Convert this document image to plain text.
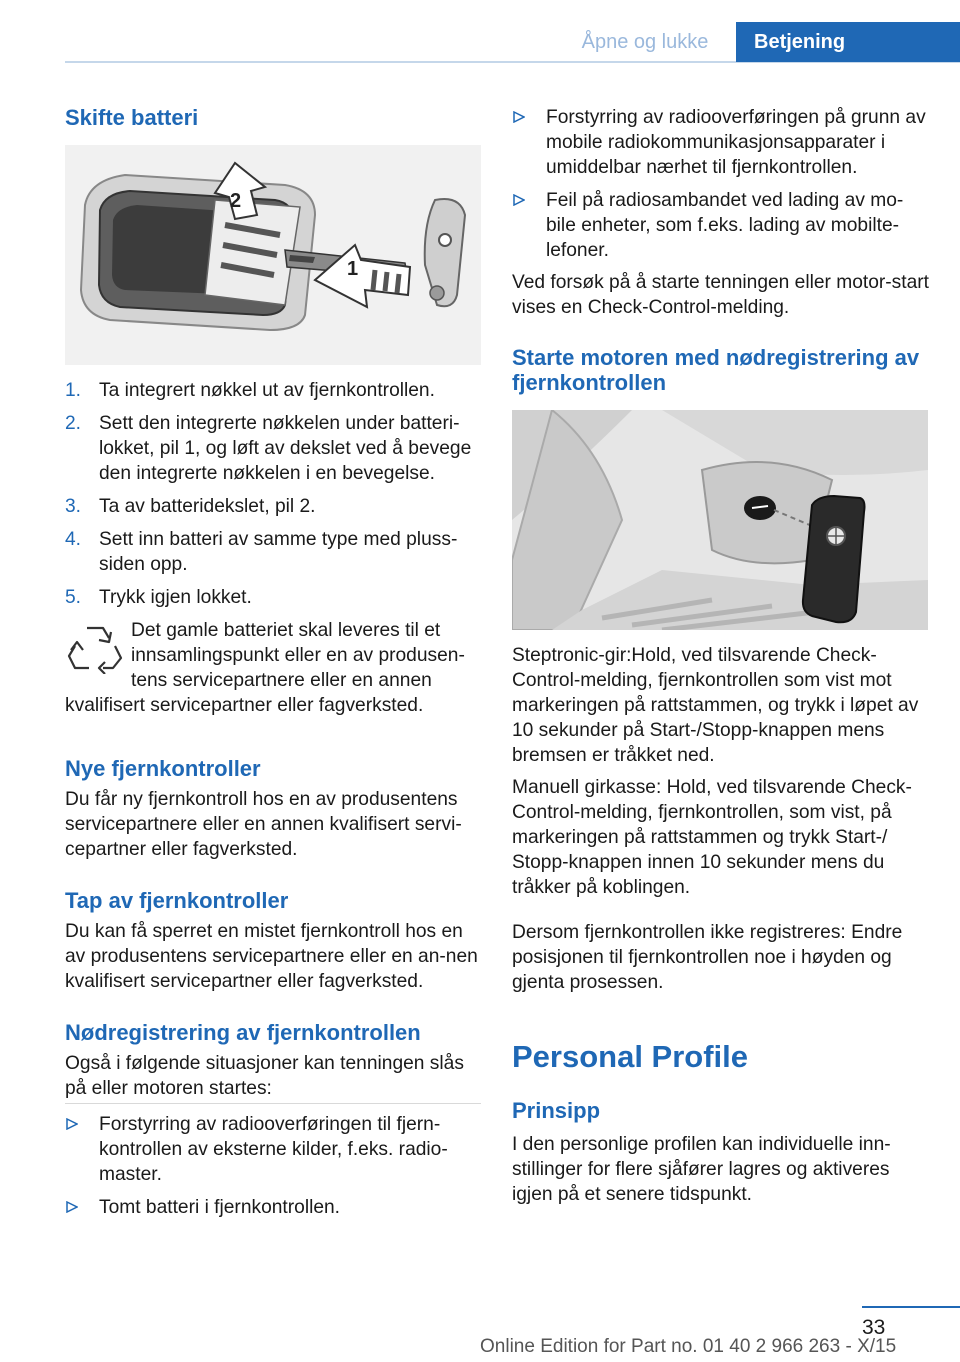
Åpne og lukke	Betjening
Skifte batteri
2
1
1. Ta integrert nøkkel ut av fjernkontrollen.
2. Sett den integrerte nøkkelen under batterilokket, pil 1, og løft av dekslet ved å bevege den integrerte nøkkelen i en bevegelse.
3. Ta av batteridekslet, pil 2.
4. Sett inn batteri av samme type med plusssiden opp.
5. Trykk igjen lokket.

Det gamle batteriet skal leveres til et

innsamlingspunkt eller en av produsen‐

tens servicepartnere eller en annen

kvalifisert servicepartner eller fagverksted.

Nye fjernkontroller

Du får ny fjernkontroll hos en av produsentens servicepartnere eller en annen kvalifisert servi‐cepartner eller fagverksted.

Tap av fjernkontroller

Du kan få sperret en mistet fjernkontroll hos en av produsentens servicepartnere eller en an‐nen kvalifisert servicepartner eller fagverksted.

Nødregistrering av fjernkontrollen

Også i følgende situasjoner kan tenningen slås på eller motoren startes:

Forstyrring av radiooverføringen til fjern‐kontrollen av eksterne kilder, f.eks. radio‐master.
Tomt batteri i fjernkontrollen.
Forstyrring av radiooverføringen på grunn av mobile radiokommunikasjonsapparater i umiddelbar nærhet til fjernkontrollen.
Feil på radiosambandet ved lading av mo‐bile enheter, som f.eks. lading av mobilte‐lefoner.

Ved forsøk på å starte tenningen eller motor‐start vises en Check-Control-melding.

Starte motoren med nødregistrering av fjernkontrollen

Steptronic-gir:Hold, ved tilsvarende Check-Control-melding, fjernkontrollen som vist mot markeringen på rattstammen, og trykk i løpet av 10 sekunder på Start-/Stopp-knappen mens bremsen er tråkket ned.

Manuell girkasse: Hold, ved tilsvarende Check-Control-melding, fjernkontrollen, som vist, på markeringen på rattstammen og trykk Start-/ Stopp-knappen innen 10 sekunder mens du tråkker på koblingen.

Dersom fjernkontrollen ikke registreres: Endre posisjonen til fjernkontrollen noe i høyden og gjenta prosessen.

Personal Profile
Prinsipp

I den personlige profilen kan individuelle inn‐stillinger for flere sjåfører lagres og aktiveres igjen på et senere tidspunkt.

33
Online Edition for Part no. 01 40 2 966 263 - X/15
